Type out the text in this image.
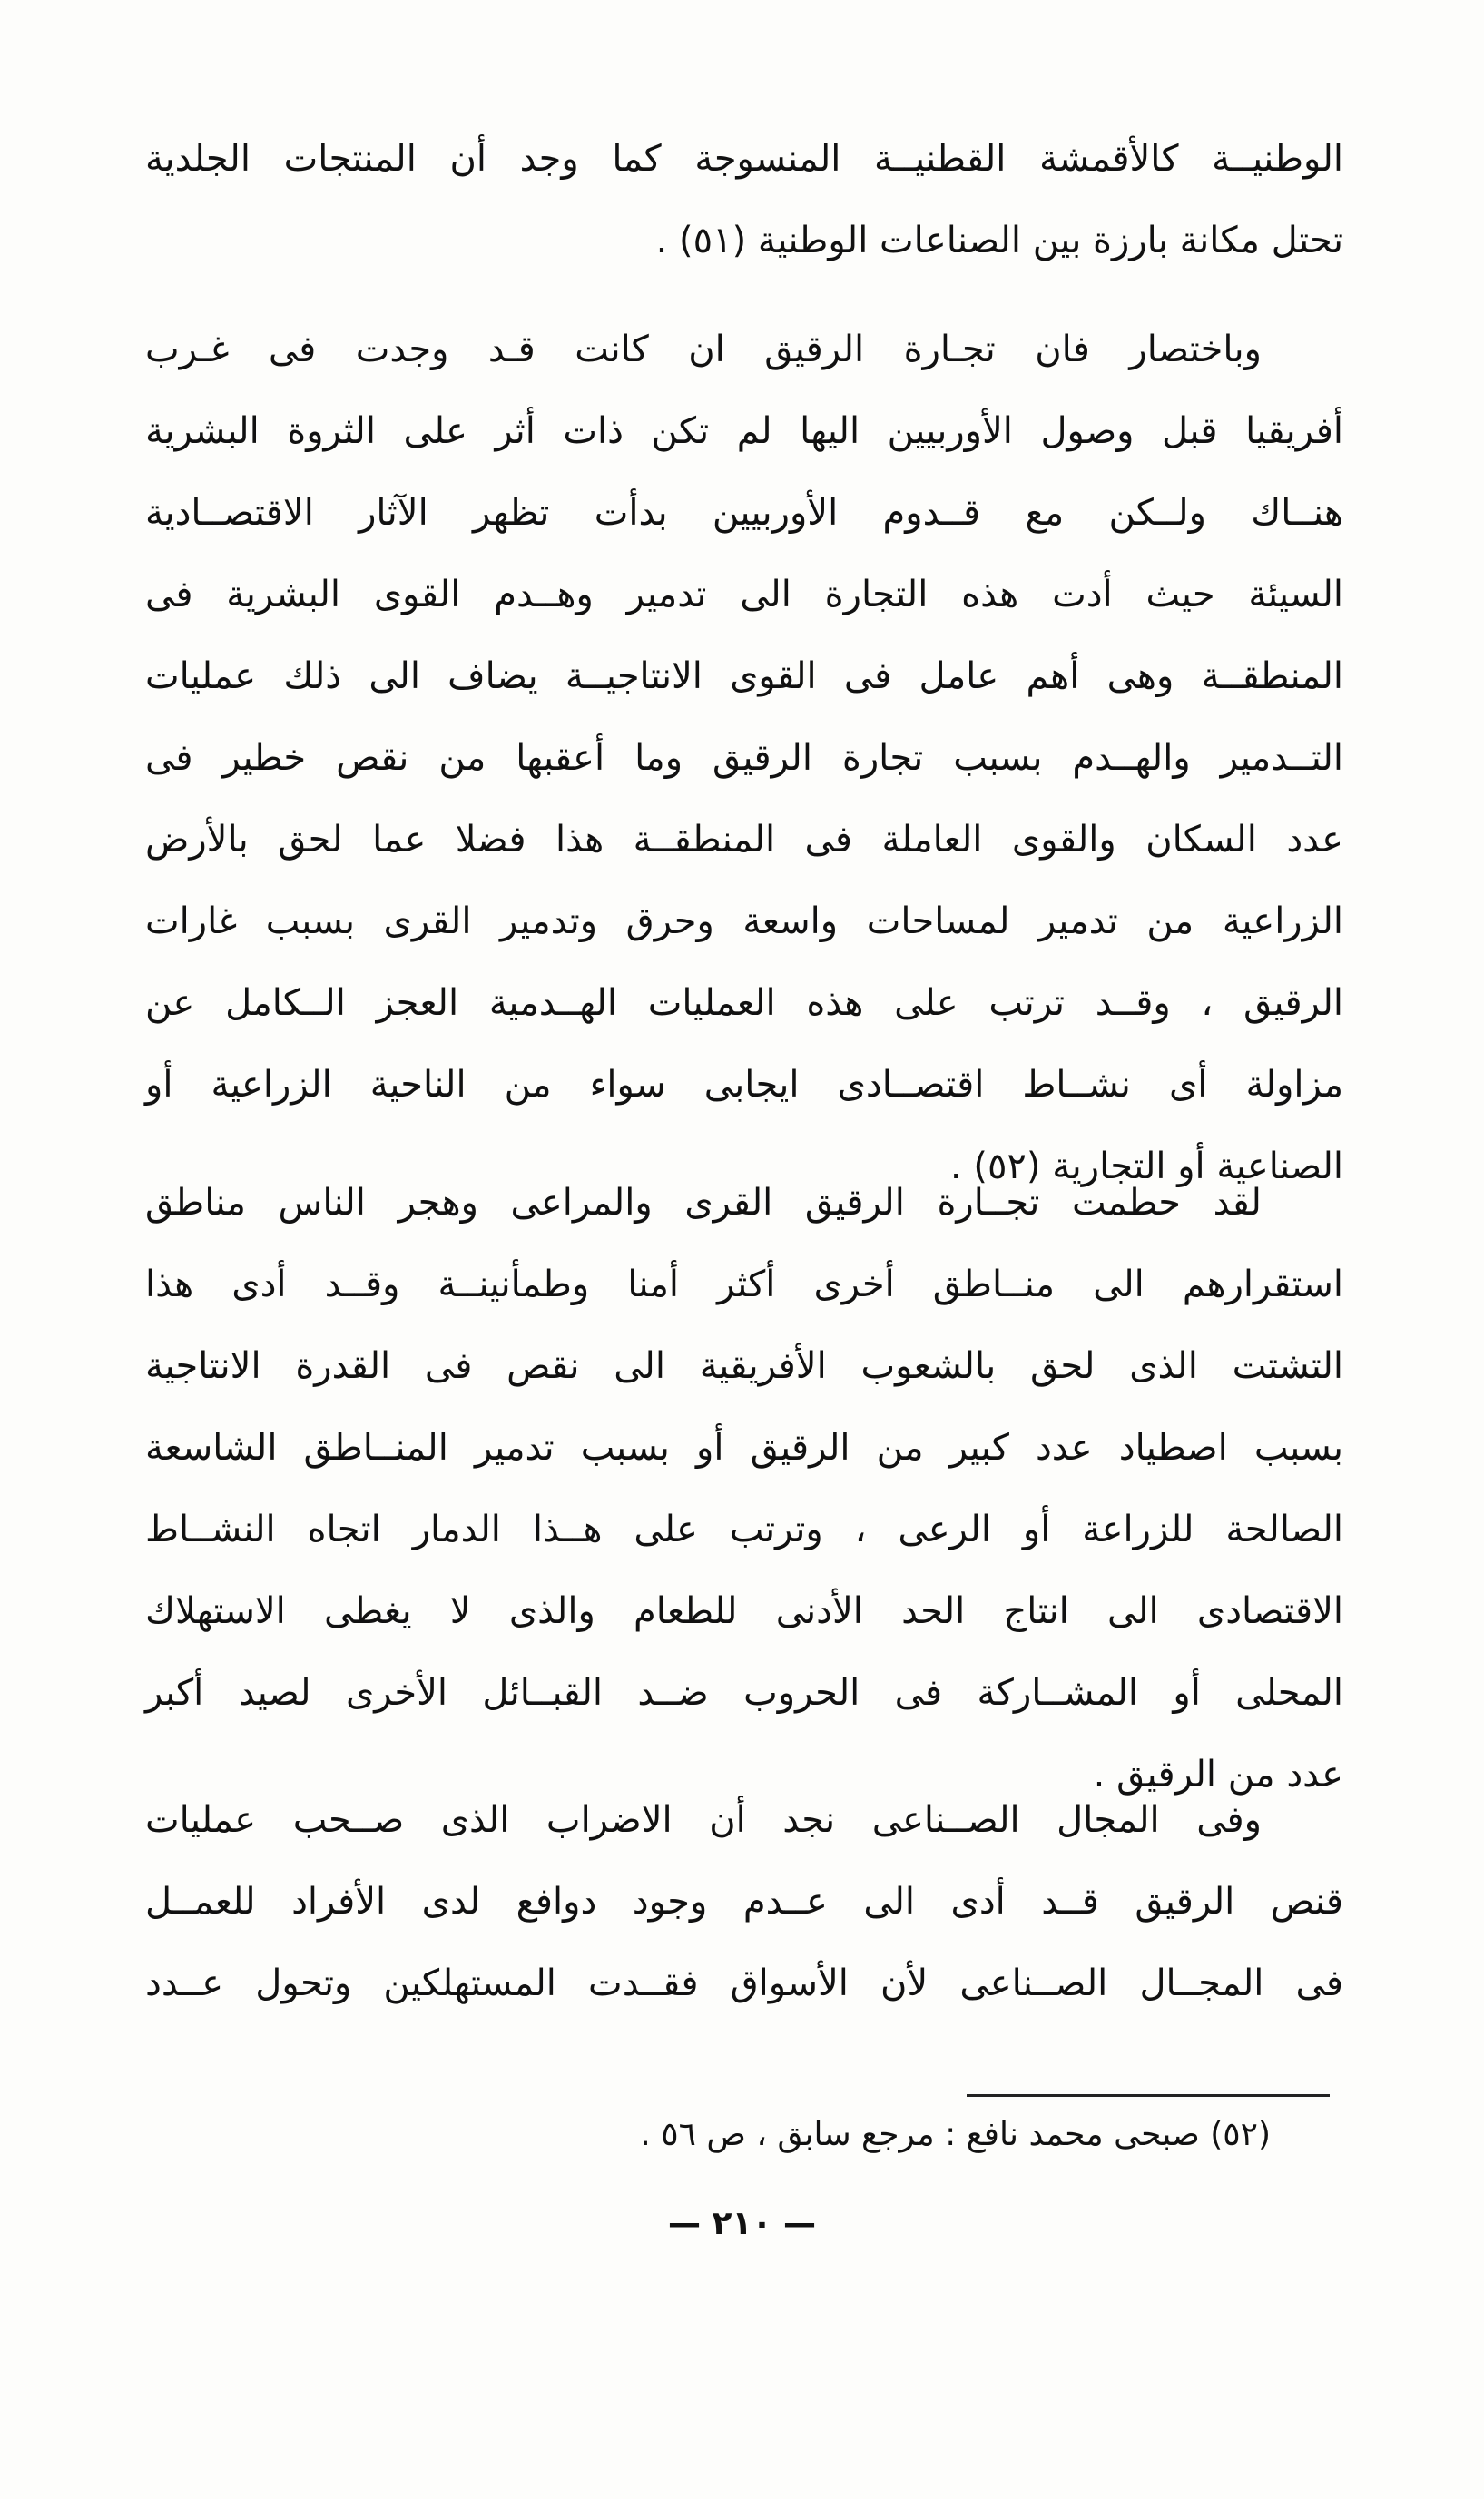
الوطنيــة كالأقمشة القطنيــة المنسوجة كما وجد أن المنتجات الجلدية
تحتل مكانة بارزة بين الصناعات الوطنية (٥١) .
وباختصار فان تجـارة الرقيق ان كانت قـد وجدت فى غـرب
أفريقيا قبل وصول الأوربيين اليها لم تكن ذات أثر على الثروة البشرية
هنــاك ولــكن مع قــدوم الأوربيين بدأت تظهر الآثار الاقتصــادية
السيئة حيث أدت هذه التجارة الى تدمير وهــدم القوى البشرية فى
المنطقــة وهى أهم عامل فى القوى الانتاجيــة يضاف الى ذلك عمليات
التــدمير والهــدم بسبب تجارة الرقيق وما أعقبها من نقص خطير فى
عدد السكان والقوى العاملة فى المنطقــة هذا فضلا عما لحق بالأرض
الزراعية من تدمير لمساحات واسعة وحرق وتدمير القرى بسبب غارات
الرقيق ، وقــد ترتب على هذه العمليات الهــدمية العجز الــكامل عن
مزاولة أى نشــاط اقتصــادى ايجابى سواء من الناحية الزراعية أو
الصناعية أو التجارية (٥٢) .
لقد حطمت تجــارة الرقيق القرى والمراعى وهجر الناس مناطق
استقرارهم الى منــاطق أخرى أكثر أمنا وطمأنينــة وقــد أدى هذا
التشتت الذى لحق بالشعوب الأفريقية الى نقص فى القدرة الانتاجية
بسبب اصطياد عدد كبير من الرقيق أو بسبب تدمير المنــاطق الشاسعة
الصالحة للزراعة أو الرعى ، وترتب على هــذا الدمار اتجاه النشــاط
الاقتصادى الى انتاج الحد الأدنى للطعام والذى لا يغطى الاستهلاك
المحلى أو المشــاركة فى الحروب ضــد القبــائل الأخرى لصيد أكبر
عدد من الرقيق .
وفى المجال الصــناعى نجد أن الاضراب الذى صــحب عمليات
قنص الرقيق قــد أدى الى عــدم وجود دوافع لدى الأفراد للعمــل
فى المجــال الصــناعى لأن الأسواق فقــدت المستهلكين وتحول عــدد
(٥٢) صبحى محمد نافع : مرجع سابق ، ص ٥٦ .
— ٢١٠ —
